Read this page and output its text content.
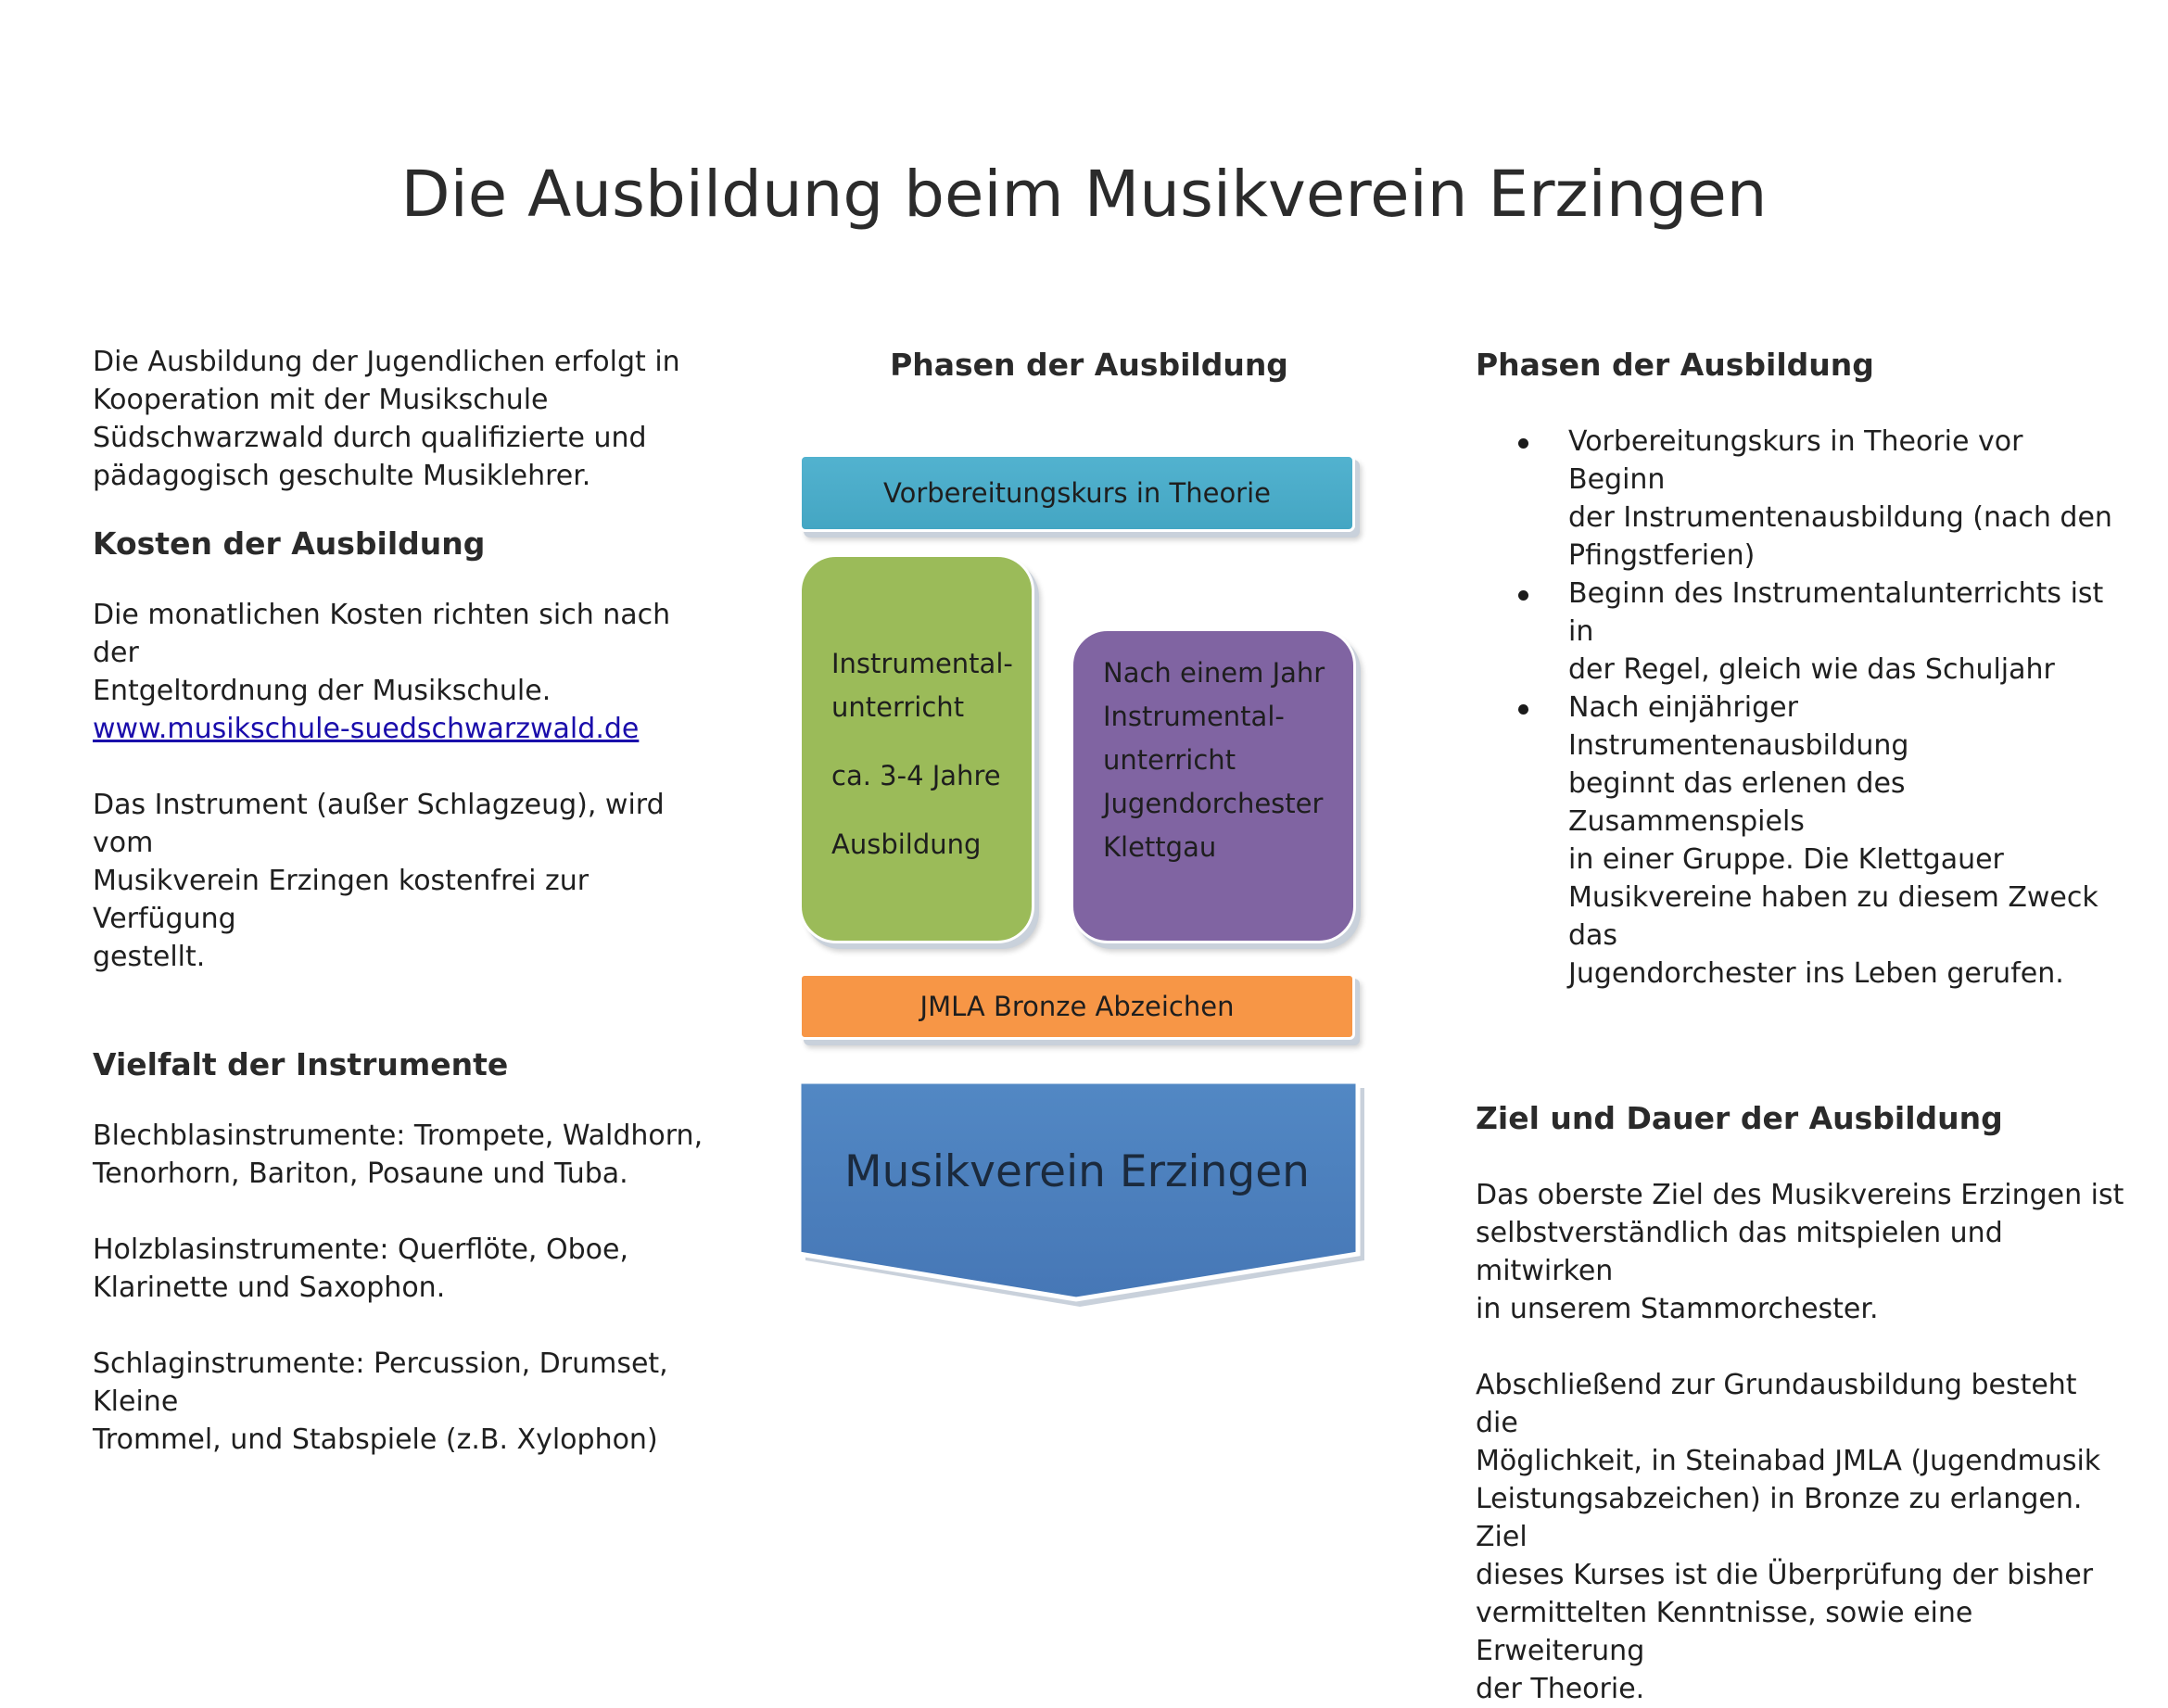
Die Ausbildung beim Musikverein Erzingen

Die Ausbildung der Jugendlichen erfolgt in
Kooperation mit der Musikschule
Südschwarzwald durch qualifizierte und
pädagogisch geschulte Musiklehrer.

Kosten der Ausbildung

Die monatlichen Kosten richten sich nach der
Entgeltordnung der Musikschule.
www.musikschule-suedschwarzwald.de

Das Instrument (außer Schlagzeug), wird vom
Musikverein Erzingen kostenfrei zur Verfügung
gestellt.

Vielfalt der Instrumente

Blechblasinstrumente: Trompete, Waldhorn,
Tenorhorn, Bariton, Posaune und Tuba.

Holzblasinstrumente: Querflöte, Oboe,
Klarinette und Saxophon.

Schlaginstrumente: Percussion, Drumset, Kleine
Trommel, und Stabspiele (z.B. Xylophon)

Phasen der Ausbildung
Vorbereitungskurs in Theorie
Instrumental-
unterricht

ca. 3-4 Jahre

Ausbildung
Nach einem Jahr
Instrumental-
unterricht
Jugendorchester
Klettgau
JMLA Bronze Abzeichen
Musikverein Erzingen
Phasen der Ausbildung
Vorbereitungskurs in Theorie vor Beginn
der Instrumentenausbildung (nach den
Pfingstferien)
Beginn des Instrumentalunterrichts ist in
der Regel, gleich wie das Schuljahr
Nach einjähriger Instrumentenausbildung
beginnt das erlenen des Zusammenspiels
in einer Gruppe. Die Klettgauer
Musikvereine haben zu diesem Zweck das
Jugendorchester ins Leben gerufen.
Ziel und Dauer der Ausbildung

Das oberste Ziel des Musikvereins Erzingen ist
selbstverständlich das mitspielen und mitwirken
in unserem Stammorchester.

Abschließend zur Grundausbildung besteht die
Möglichkeit, in Steinabad JMLA (Jugendmusik
Leistungsabzeichen) in Bronze zu erlangen. Ziel
dieses Kurses ist die Überprüfung der bisher
vermittelten Kenntnisse, sowie eine Erweiterung
der Theorie.
